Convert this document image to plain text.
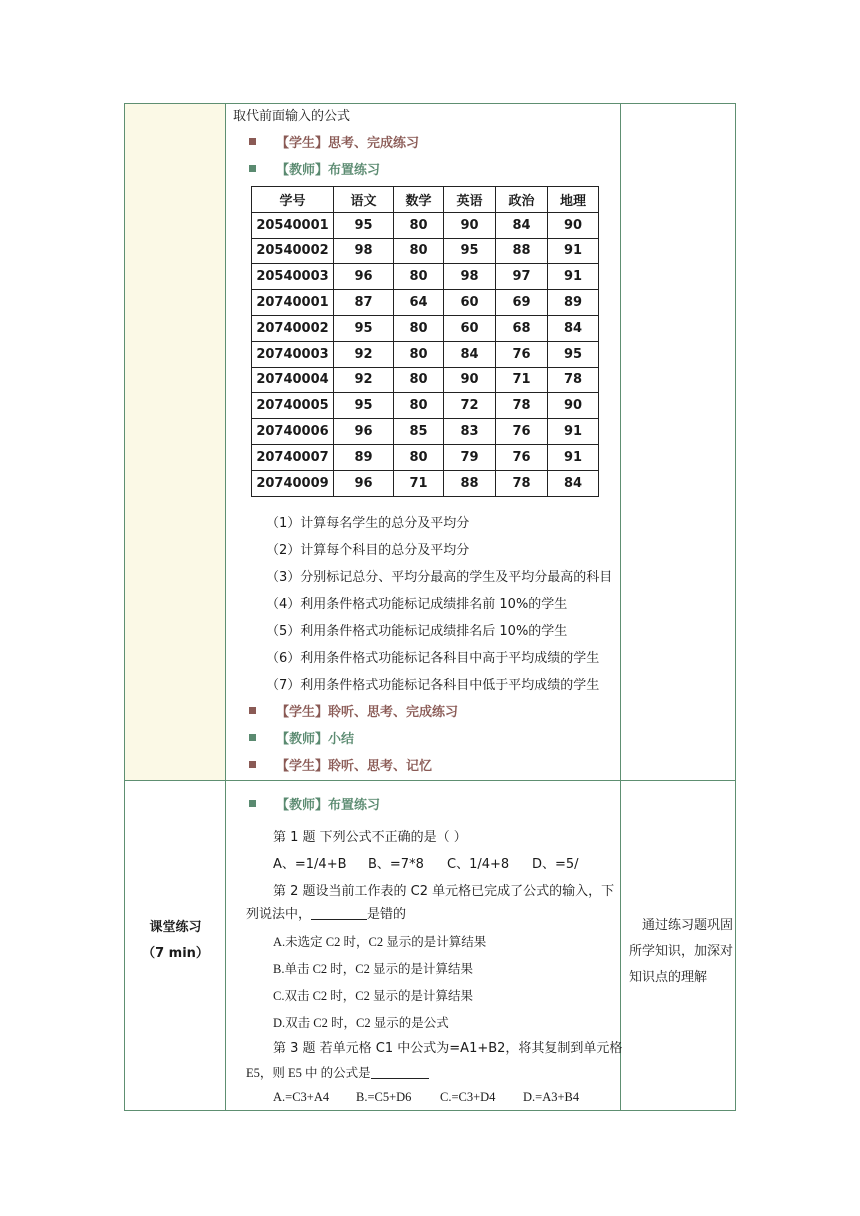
取代前面输入的公式
【学生】思考、完成练习
【教师】布置练习
学号	语文	数学	英语	政治	地理
20540001	95	80	90	84	90
20540002	98	80	95	88	91
20540003	96	80	98	97	91
20740001	87	64	60	69	89
20740002	95	80	60	68	84
20740003	92	80	84	76	95
20740004	92	80	90	71	78
20740005	95	80	72	78	90
20740006	96	85	83	76	91
20740007	89	80	79	76	91
20740009	96	71	88	78	84
（1）计算每名学生的总分及平均分
（2）计算每个科目的总分及平均分
（3）分别标记总分、平均分最高的学生及平均分最高的科目
（4）利用条件格式功能标记成绩排名前 10%的学生
（5）利用条件格式功能标记成绩排名后 10%的学生
（6）利用条件格式功能标记各科目中高于平均成绩的学生
（7）利用条件格式功能标记各科目中低于平均成绩的学生
【学生】聆听、思考、完成练习
【教师】小结
【学生】聆听、思考、记忆
课堂练习
（7 min）
通过练习题巩固所学知识，加深对知识点的理解
【教师】布置练习
第 1 题 下列公式不正确的是（ ）
A、=1/4+B B、=7*8 C、1/4+8 D、=5/
第 2 题设当前工作表的 C2 单元格已完成了公式的输入，下
列说法中，	是错的
A.未选定 C2 时，C2 显示的是计算结果
B.单击 C2 时，C2 显示的是计算结果
C.双击 C2 时，C2 显示的是计算结果
D.双击 C2 时，C2 显示的是公式
第 3 题 若单元格 C1 中公式为=A1+B2，将其复制到单元格
E5，则 E5 中 的公式是
A.=C3+A4 B.=C5+D6 C.=C3+D4 D.=A3+B4
